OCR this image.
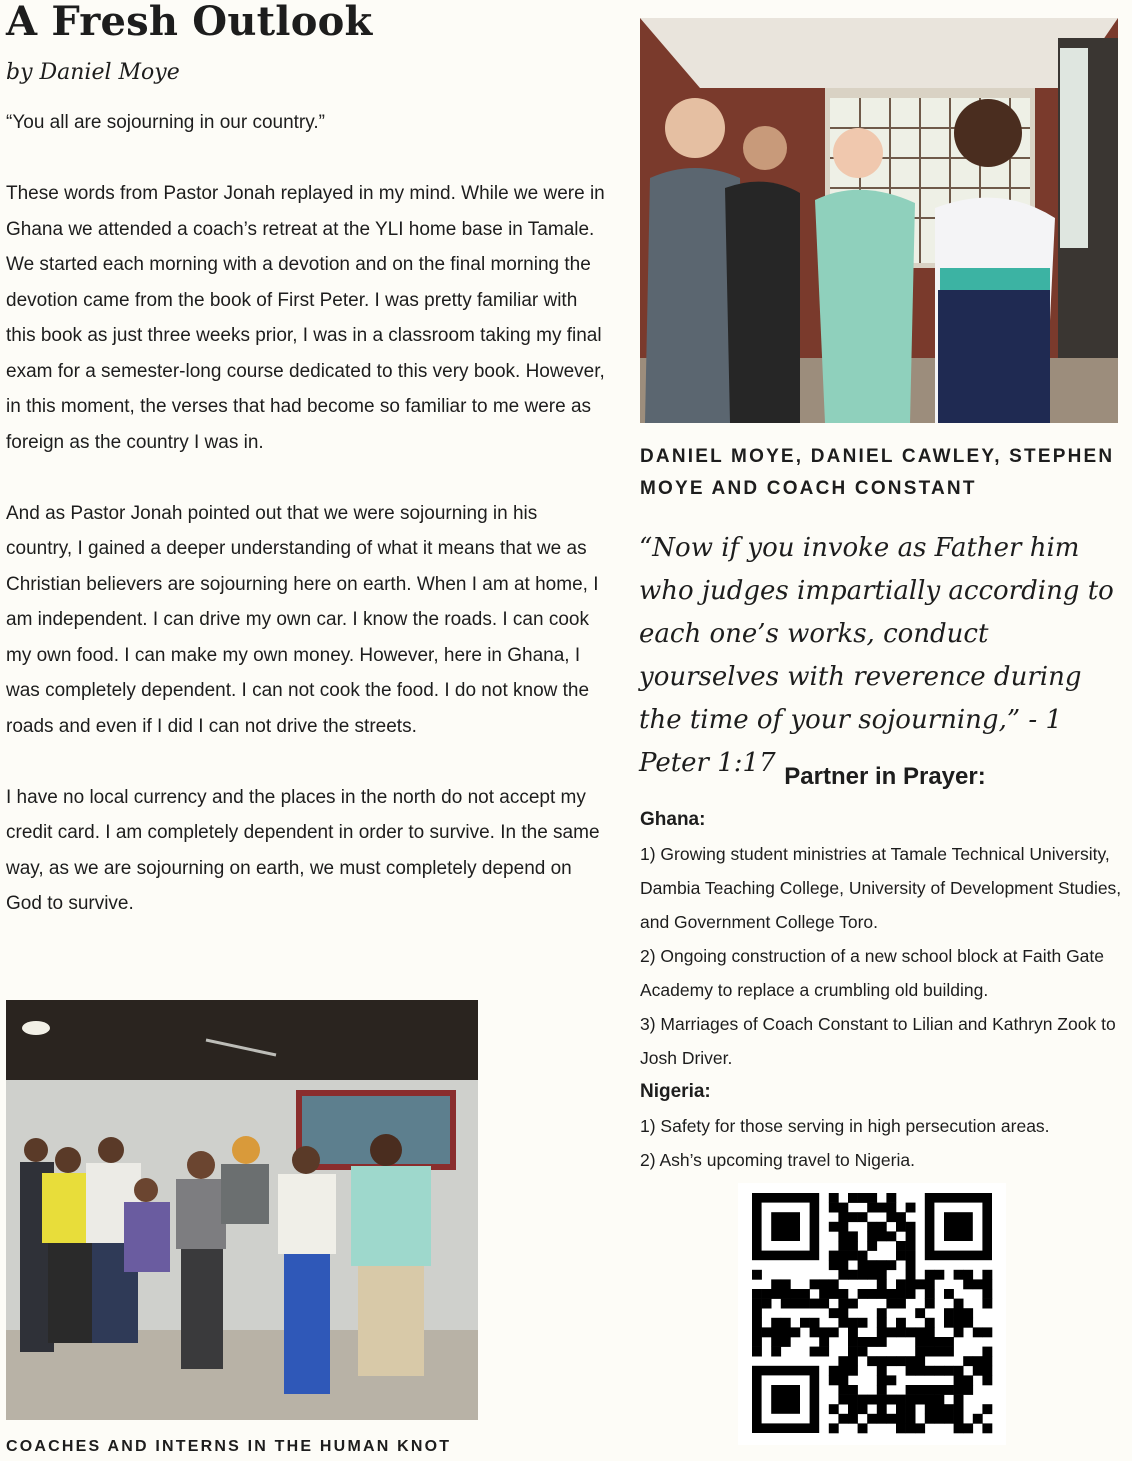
A Fresh Outlook
by Daniel Moye

“You all are sojourning in our country.”

These words from Pastor Jonah replayed in my mind. While we were in Ghana we attended a coach’s retreat at the YLI home base in Tamale. We started each morning with a devotion and on the final morning the devotion came from the book of First Peter. I was pretty familiar with this book as just three weeks prior, I was in a classroom taking my final exam for a semester-long course dedicated to this very book. However, in this moment, the verses that had become so familiar to me were as foreign as the country I was in.

And as Pastor Jonah pointed out that we were sojourning in his country, I gained a deeper understanding of what it means that we as Christian believers are sojourning here on earth. When I am at home, I am independent. I can drive my own car. I know the roads. I can cook my own food. I can make my own money. However, here in Ghana, I was completely dependent. I can not cook the food. I do not know the roads and even if I did I can not drive the streets.

I have no local currency and the places in the north do not accept my credit card. I am completely dependent in order to survive. In the same way, as we are sojourning on earth, we must completely depend on God to survive.

DANIEL MOYE, DANIEL CAWLEY, STEPHEN MOYE AND COACH CONSTANT
“Now if you invoke as Father him who judges impartially according to each one’s works, conduct yourselves with reverence during the time of your sojourning,” - 1 Peter 1:17 Partner in Prayer:
Ghana:
1) Growing student ministries at Tamale Technical University, Dambia Teaching College, University of Development Studies, and Government College Toro.
2) Ongoing construction of a new school block at Faith Gate Academy to replace a crumbling old building.
3) Marriages of Coach Constant to Lilian and Kathryn Zook to Josh Driver.
Nigeria:
1) Safety for those serving in high persecution areas.
2) Ash’s upcoming travel to Nigeria.
COACHES AND INTERNS IN THE HUMAN KNOT
